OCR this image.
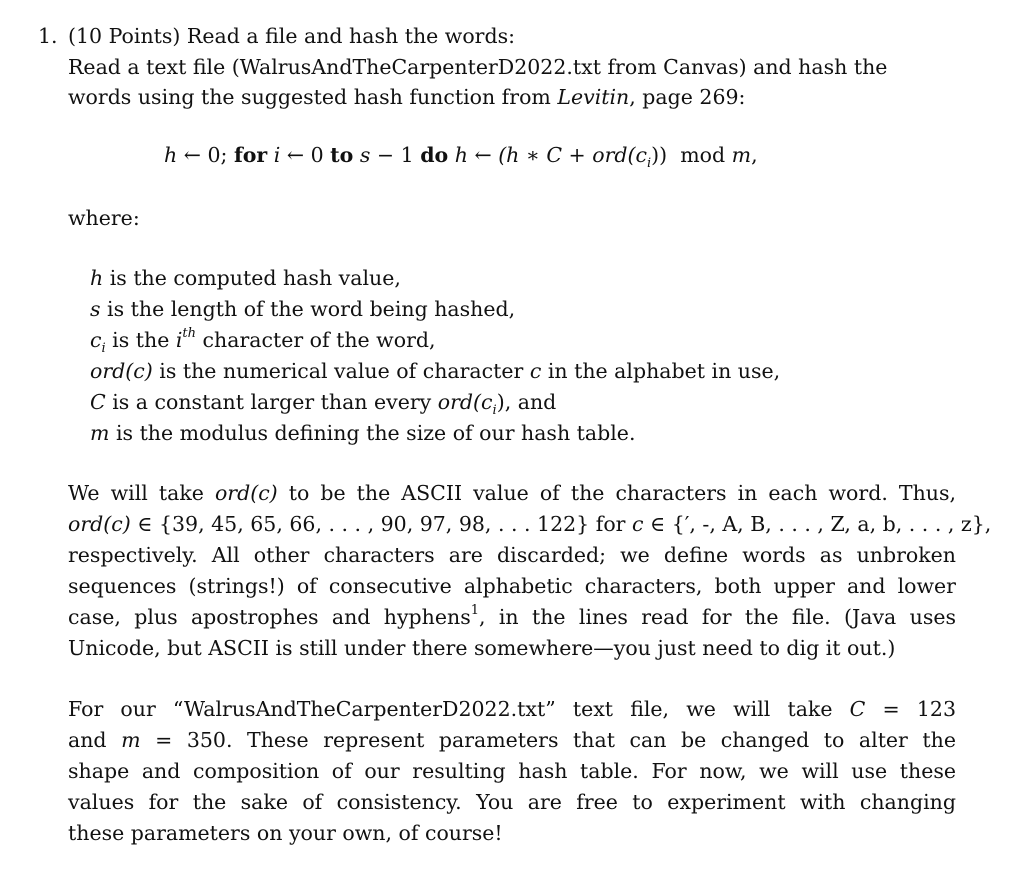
1. (10 Points) Read a file and hash the words:
Read a text file (WalrusAndTheCarpenterD2022.txt from Canvas) and hash the
words using the suggested hash function from Levitin, page 269:
h ← 0; for i ← 0 to s − 1 do h ← (h ∗ $C + ord(c_i)$) mod m,
where:
h is the computed hash value,
s is the length of the word being hashed,
$c_i$ is the $i^{th}$ character of the word,
ord(c) is the numerical value of character c in the alphabet in use,
C is a constant larger than every $ord(c_i)$, and
m is the modulus defining the size of our hash table.
We will take ord(c) to be the ASCII value of the characters in each word. Thus,
ord(c) ∈ {39, 45, 65, 66, . . . , 90, 97, 98, . . . 122} for c ∈ {′, -, A, B, . . . , Z, a, b, . . . , z},
respectively. All other characters are discarded; we define words as unbroken
sequences (strings!) of consecutive alphabetic characters, both upper and lower
case, plus apostrophes and hyphens$^1$, in the lines read for the file. (Java uses
Unicode, but ASCII is still under there somewhere—you just need to dig it out.)
For our “WalrusAndTheCarpenterD2022.txt” text file, we will take C = 123
and m = 350. These represent parameters that can be changed to alter the
shape and composition of our resulting hash table. For now, we will use these
values for the sake of consistency. You are free to experiment with changing
these parameters on your own, of course!
